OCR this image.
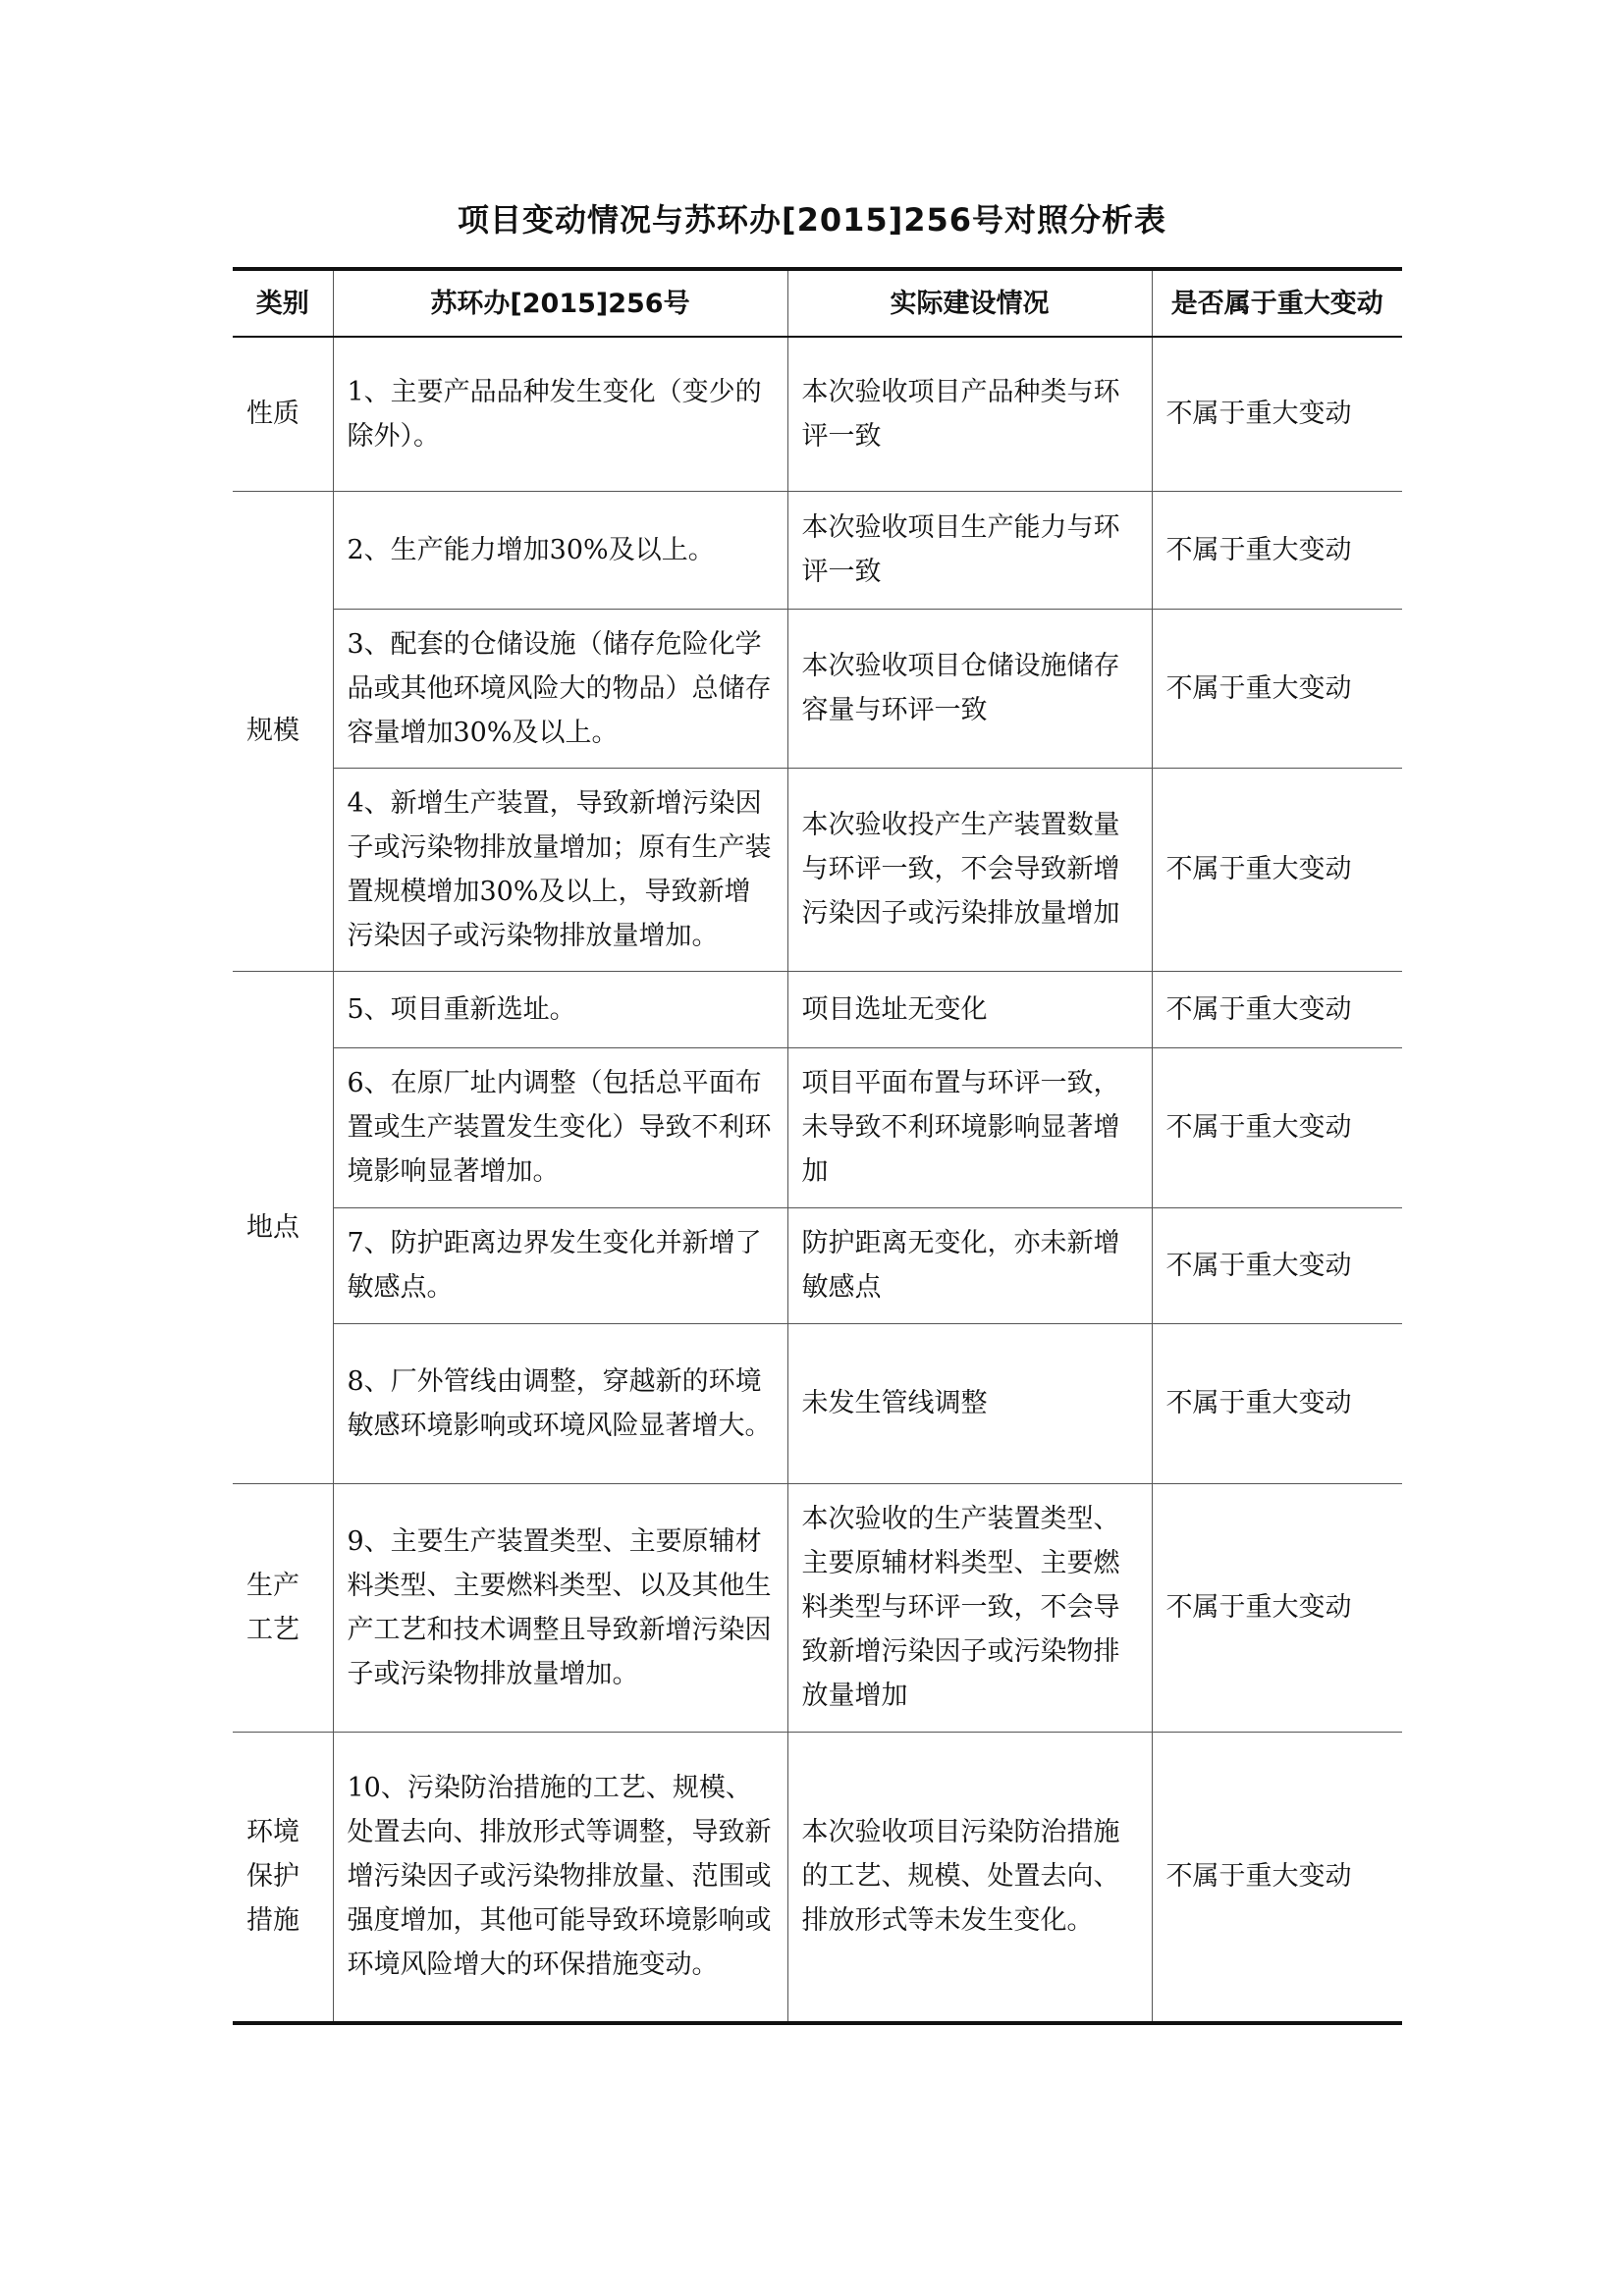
项目变动情况与苏环办[2015]256号对照分析表
类别	苏环办[2015]256号	实际建设情况	是否属于重大变动
性质	1、主要产品品种发生变化（变少的除外）。	本次验收项目产品种类与环评一致	不属于重大变动
规模	2、生产能力增加30%及以上。	本次验收项目生产能力与环评一致	不属于重大变动
	3、配套的仓储设施（储存危险化学品或其他环境风险大的物品）总储存容量增加30%及以上。	本次验收项目仓储设施储存容量与环评一致	不属于重大变动
	4、新增生产装置，导致新增污染因子或污染物排放量增加；原有生产装置规模增加30%及以上，导致新增污染因子或污染物排放量增加。	本次验收投产生产装置数量与环评一致，不会导致新增污染因子或污染排放量增加	不属于重大变动
地点	5、项目重新选址。	项目选址无变化	不属于重大变动
	6、在原厂址内调整（包括总平面布置或生产装置发生变化）导致不利环境影响显著增加。	项目平面布置与环评一致，未导致不利环境影响显著增加	不属于重大变动
	7、防护距离边界发生变化并新增了敏感点。	防护距离无变化，亦未新增敏感点	不属于重大变动
	8、厂外管线由调整，穿越新的环境敏感环境影响或环境风险显著增大。	未发生管线调整	不属于重大变动
生产
工艺	9、主要生产装置类型、主要原辅材料类型、主要燃料类型、以及其他生产工艺和技术调整且导致新增污染因子或污染物排放量增加。	本次验收的生产装置类型、主要原辅材料类型、主要燃料类型与环评一致，不会导致新增污染因子或污染物排放量增加	不属于重大变动
环境
保护
措施	10、污染防治措施的工艺、规模、处置去向、排放形式等调整，导致新增污染因子或污染物排放量、范围或强度增加，其他可能导致环境影响或环境风险增大的环保措施变动。	本次验收项目污染防治措施的工艺、规模、处置去向、排放形式等未发生变化。	不属于重大变动
